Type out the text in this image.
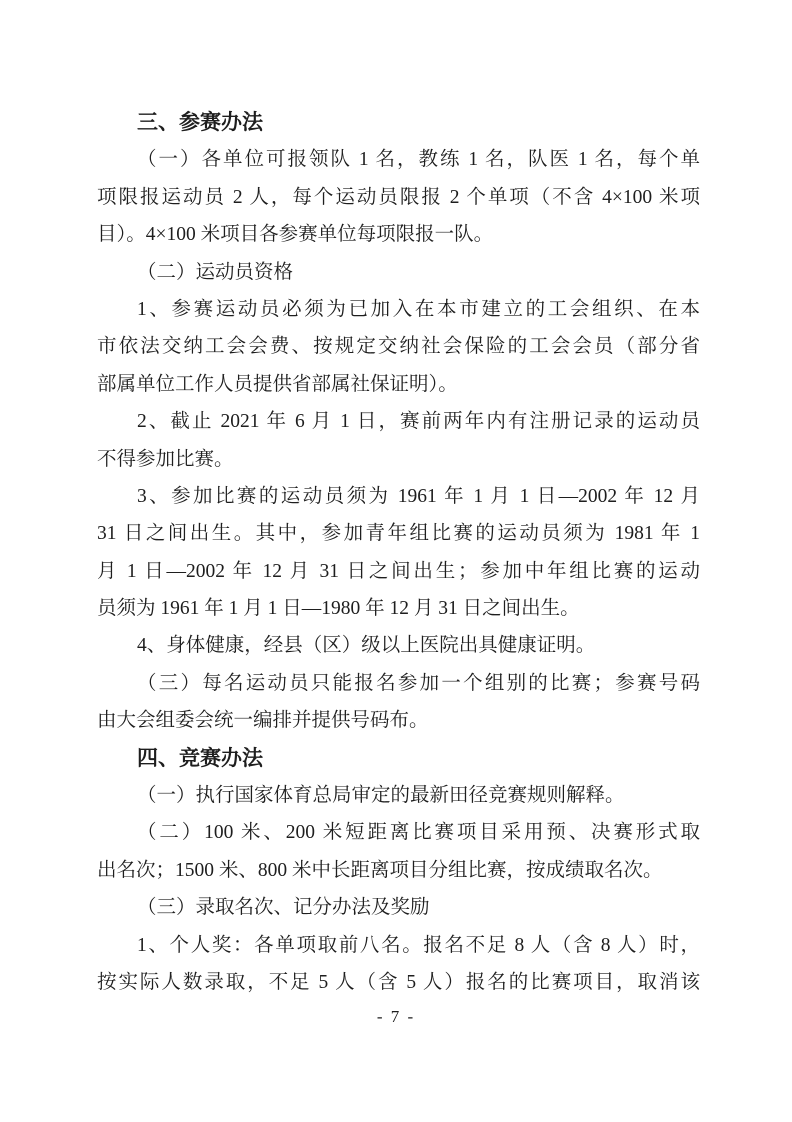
三、参赛办法
（一）各单位可报领队 1 名，教练 1 名，队医 1 名，每个单
项限报运动员 2 人，每个运动员限报 2 个单项（不含 4×100 米项
目）。4×100 米项目各参赛单位每项限报一队。
（二）运动员资格
1、参赛运动员必须为已加入在本市建立的工会组织、在本
市依法交纳工会会费、按规定交纳社会保险的工会会员（部分省
部属单位工作人员提供省部属社保证明）。
2、截止 2021 年 6 月 1 日，赛前两年内有注册记录的运动员
不得参加比赛。
3、参加比赛的运动员须为 1961 年 1 月 1 日—2002 年 12 月
31 日之间出生。其中，参加青年组比赛的运动员须为 1981 年 1
月 1 日—2002 年 12 月 31 日之间出生；参加中年组比赛的运动
员须为 1961 年 1 月 1 日—1980 年 12 月 31 日之间出生。
4、身体健康，经县（区）级以上医院出具健康证明。
（三）每名运动员只能报名参加一个组别的比赛；参赛号码
由大会组委会统一编排并提供号码布。
四、竞赛办法
（一）执行国家体育总局审定的最新田径竞赛规则解释。
（二）100 米、200 米短距离比赛项目采用预、决赛形式取
出名次；1500 米、800 米中长距离项目分组比赛，按成绩取名次。
（三）录取名次、记分办法及奖励
1、个人奖：各单项取前八名。报名不足 8 人（含 8 人）时，
按实际人数录取，不足 5 人（含 5 人）报名的比赛项目，取消该
- 7 -
